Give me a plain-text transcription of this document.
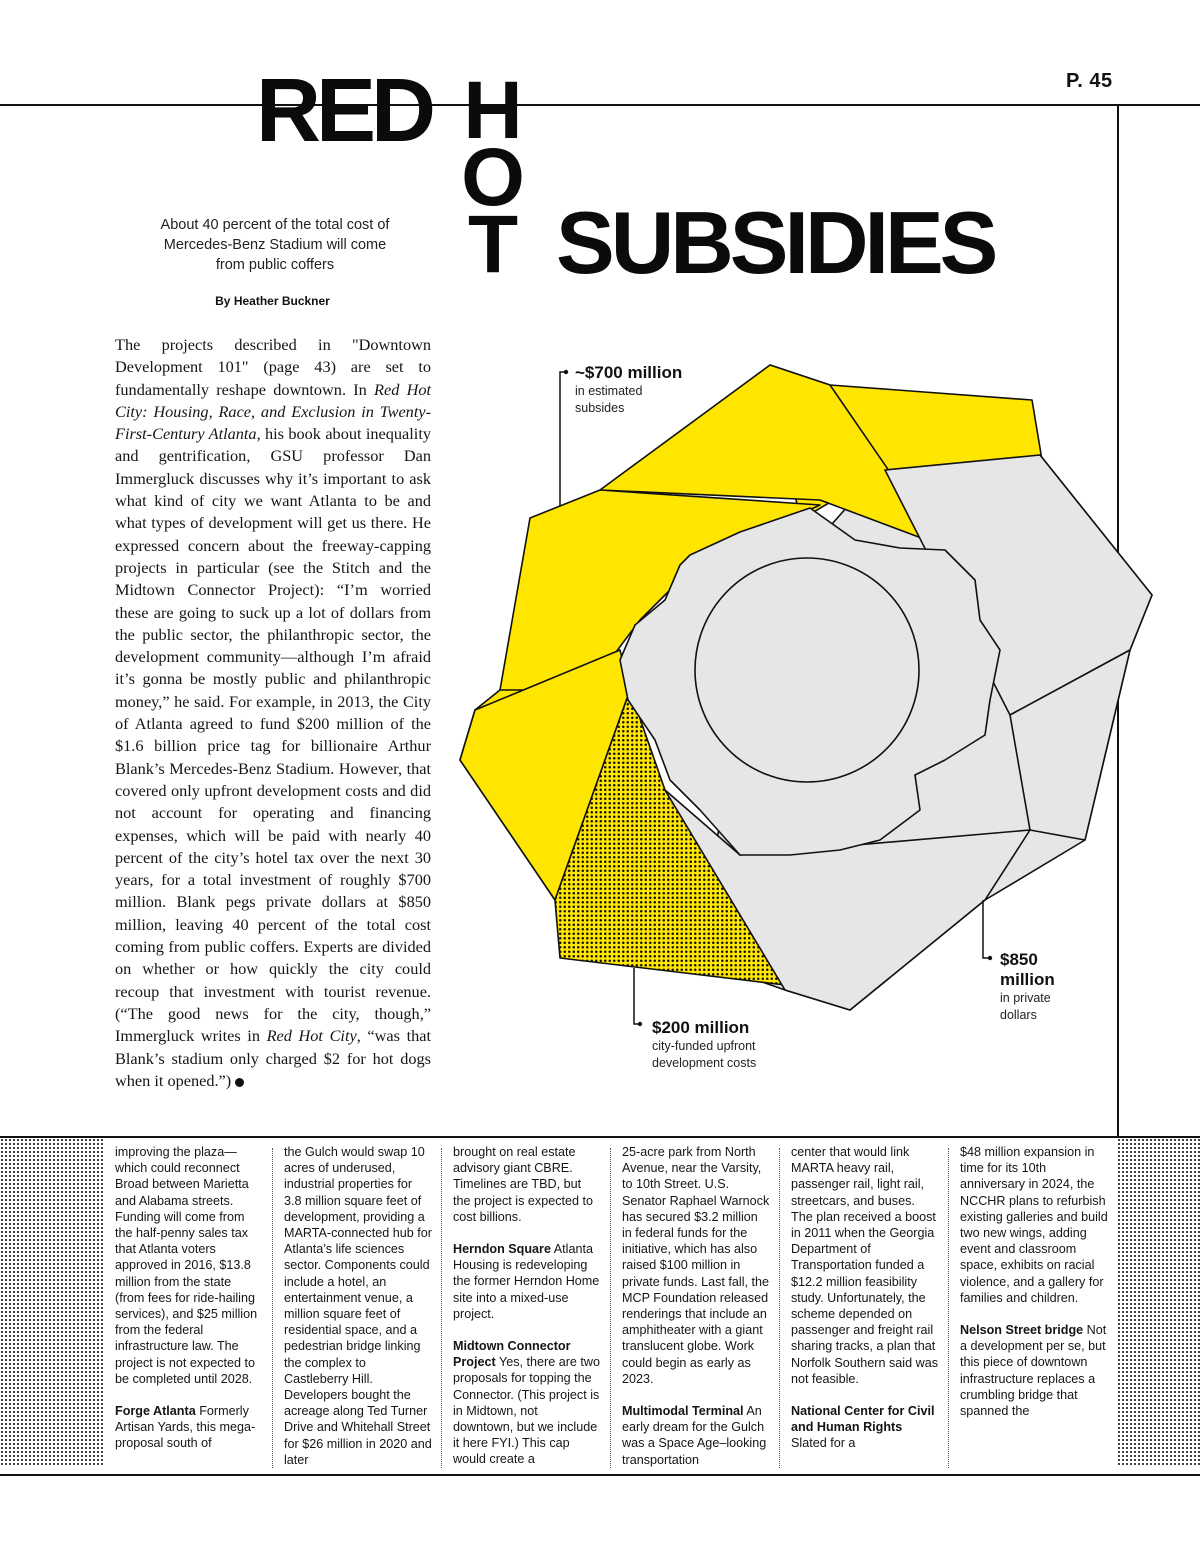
P. 45
RED H
O
T SUBSIDIES
About 40 percent of the total cost of Mercedes-Benz Stadium will come from public coffers
By Heather Buckner
The projects described in "Downtown Development 101" (page 43) are set to fundamentally reshape downtown. In Red Hot City: Housing, Race, and Exclusion in Twenty-First-Century Atlanta, his book about inequality and gentrification, GSU professor Dan Immergluck discusses why it’s important to ask what kind of city we want Atlanta to be and what types of development will get us there. He expressed concern about the freeway-capping projects in particular (see the Stitch and the Midtown Connector Project): “I’m worried these are going to suck up a lot of dollars from the public sector, the philanthropic sector, the development community—although I’m afraid it’s gonna be mostly public and philanthropic money,” he said. For example, in 2013, the City of Atlanta agreed to fund $200 million of the $1.6 billion price tag for billionaire Arthur Blank’s Mercedes-Benz Stadium. However, that covered only upfront development costs and did not account for operating and financing expenses, which will be paid with nearly 40 percent of the city’s hotel tax over the next 30 years, for a total investment of roughly $700 million. Blank pegs private dollars at $850 million, leaving 40 percent of the total cost coming from public coffers. Experts are divided on whether or how quickly the city could recoup that investment with tourist revenue. (“The good news for the city, though,” Immergluck writes in Red Hot City, “was that Blank’s stadium only charged $2 for hot dogs when it opened.”)
~$700 million
in estimated subsides
$850 million
in private dollars
$200 million
city-funded upfront development costs

improving the plaza—which could reconnect Broad between Marietta and Alabama streets. Funding will come from the half-penny sales tax that Atlanta voters approved in 2016, $13.8 million from the state (from fees for ride-hailing services), and $25 million from the federal infrastructure law. The project is not expected to be completed until 2028.

Forge Atlanta Formerly Artisan Yards, this mega-proposal south of

the Gulch would swap 10 acres of underused, industrial properties for 3.8 million square feet of development, providing a MARTA-connected hub for Atlanta’s life sciences sector. Components could include a hotel, an entertainment venue, a million square feet of residential space, and a pedestrian bridge linking the complex to Castleberry Hill. Developers bought the acreage along Ted Turner Drive and Whitehall Street for $26 million in 2020 and later

brought on real estate advisory giant CBRE. Timelines are TBD, but the project is expected to cost billions.

Herndon Square Atlanta Housing is redeveloping the former Herndon Home site into a mixed-use project.

Midtown Connector Project Yes, there are two proposals for topping the Connector. (This project is in Midtown, not downtown, but we include it here FYI.) This cap would create a

25-acre park from North Avenue, near the Varsity, to 10th Street. U.S. Senator Raphael Warnock has secured $3.2 million in federal funds for the initiative, which has also raised $100 million in private funds. Last fall, the MCP Foundation released renderings that include an amphitheater with a giant translucent globe. Work could begin as early as 2023.

Multimodal Terminal An early dream for the Gulch was a Space Age–looking transportation

center that would link MARTA heavy rail, passenger rail, light rail, streetcars, and buses. The plan received a boost in 2011 when the Georgia Department of Transportation funded a $12.2 million feasibility study. Unfortunately, the scheme depended on passenger and freight rail sharing tracks, a plan that Norfolk Southern said was not feasible.

National Center for Civil and Human Rights Slated for a

$48 million expansion in time for its 10th anniversary in 2024, the NCCHR plans to refurbish existing galleries and build two new wings, adding event and classroom space, exhibits on racial violence, and a gallery for families and children.

Nelson Street bridge Not a development per se, but this piece of downtown infrastructure replaces a crumbling bridge that spanned the
